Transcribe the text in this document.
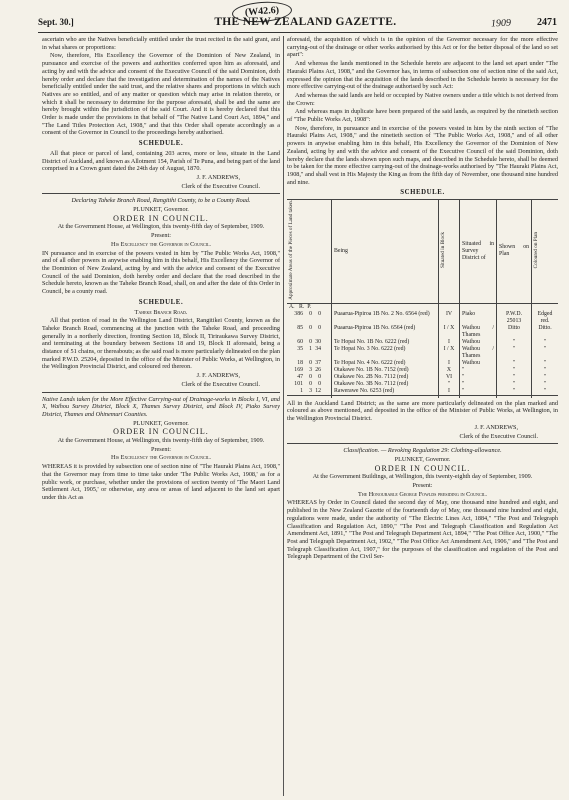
(W42.6)
1909
Sept. 30.]	THE NEW ZEALAND GAZETTE.	2471

ascertain who are the Natives beneficially entitled under the trust recited in the said grant, and in what shares or proportions:

Now, therefore, His Excellency the Governor of the Dominion of New Zealand, in pursuance and exercise of the powers and authorities conferred upon him as aforesaid, and acting by and with the advice and consent of the Executive Council of the said Dominion, doth hereby order and declare that the investigation and determination of the names of the Natives beneficially entitled under the said trust, and the relative shares and proportions in which such Natives are so entitled, and of any matter or question which may arise in relation thereto, or which it shall be necessary to determine for the purpose aforesaid, shall be and the same are hereby brought within the jurisdiction of the said Court. And it is hereby declared that this Order is made under the provisions in that behalf of "The Native Land Court Act, 1894," and "The Land Titles Protection Act, 1908," and that this Order shall operate accordingly as a consent of the Governor in Council to the proceedings hereby authorised.

SCHEDULE.

All that piece or parcel of land, containing 203 acres, more or less, situate in the Land District of Auckland, and known as Allotment 154, Parish of Te Puna, and being part of the land comprised in a Crown grant dated the 24th day of August, 1870.

J. F. ANDREWS,

Clerk of the Executive Council.

Declaring Taheke Branch Road, Rangitihi County, to be a County Road.

PLUNKET, Governor.

ORDER IN COUNCIL.

At the Government House, at Wellington, this twenty-fifth day of September, 1909.

Present:

His Excellency the Governor in Council.

IN pursuance and in exercise of the powers vested in him by "The Public Works Act, 1908," and of all other powers in anywise enabling him in this behalf, His Excellency the Governor of the Dominion of New Zealand, acting by and with the advice and consent of the Executive Council of the said Dominion, doth hereby order and declare that the road described in the Schedule hereto, known as the Taheke Branch Road, shall, on and after the date of this Order in Council, be a county road.

SCHEDULE.

Taheke Branch Road.

All that portion of road in the Wellington Land District, Rangitikei County, known as the Taheke Branch Road, commencing at the junction with the Taheke Road, and proceeding generally in a northerly direction, fronting Section 18, Block II, Tiriraukawa Survey District, and terminating at the boundary between Sections 18 and 19, Block II aforesaid, being a distance of 51 chains, or thereabouts; as the said road is more particularly delineated on the plan marked P.W.D. 25204, deposited in the office of the Minister of Public Works, at Wellington, in the Wellington Provincial District, and coloured red thereon.

J. F. ANDREWS,

Clerk of the Executive Council.

Native Lands taken for the More Effective Carrying-out of Drainage-works in Blocks I, VI, and X, Waihou Survey District, Block X, Thames Survey District, and Block IV, Piako Survey District, Thames and Ohinemuri Counties.

PLUNKET, Governor.

ORDER IN COUNCIL.

At the Government House, at Wellington, this twenty-fifth day of September, 1909.

Present:

His Excellency the Governor in Council.

WHEREAS it is provided by subsection one of section nine of "The Hauraki Plains Act, 1908," that the Governor may from time to time take under 'The Public Works Act, 1908,' as for a public work, or purchase, whether under the provisions of section twenty of 'The Maori Land Settlement Act, 1905,' or otherwise, any area or areas of land adjacent to the land set apart under this Act as

aforesaid, the acquisition of which is in the opinion of the Governor necessary for the more effective carrying-out of the drainage or other works authorised by this Act or for the better disposal of the land so set apart":

And whereas the lands mentioned in the Schedule hereto are adjacent to the land set apart under "The Hauraki Plains Act, 1908," and the Governor has, in terms of subsection one of section nine of the said Act, expressed the opinion that the acquisition of the lands described in the Schedule hereto is necessary for the more effective carrying-out of the drainage authorised by such Act:

And whereas the said lands are held or occupied by Native owners under a title which is not derived from the Crown:

And whereas maps in duplicate have been prepared of the said lands, as required by the ninetieth section of "The Public Works Act, 1908":

Now, therefore, in pursuance and in exercise of the powers vested in him by the ninth section of "The Hauraki Plains Act, 1908," and the ninetieth section of "The Public Works Act, 1908," and of all other powers in anywise enabling him in this behalf, His Excellency the Governor of the Dominion of New Zealand, acting by and with the advice and consent of the Executive Council of the said Dominion, doth hereby declare that the lands shown upon such maps, and described in the Schedule hereto, shall be deemed to be taken for the more effective carrying-out of the drainage-works authorised by "The Hauraki Plains Act, 1908," and shall vest in His Majesty the King as from the fifth day of November, one thousand nine hundred and nine.

SCHEDULE.
Approximate Areas of the Pieces of Land taken.	Being	Situated in Block	Situated in Survey District of	Shown on Plan	Coloured on Plan
A. R. P.					
386 0 0	Puaarua-Pipiroa 1B No. 2 No. 6564 (red)	IV	Piako	P.W.D. 25013	Edged red.
85 0 0	Puaarua-Pipiroa 1B No. 6564 (red)	I / X	Waihou / Thames	Ditto	Ditto.
60 0 30	Te Hopai No. 1B No. 6222 (red)	I	Waihou	"	"
35 1 34	Te Hopai No. 3 No. 6222 (red)	I / X	Waihou / Thames	"	"
18 0 37	Te Hopai No. 4 No. 6222 (red)	I	Waihou	"	"
169 3 26	Otakawe No. 1B No. 7152 (red)	X	"	"	"
47 0 0	Otakawe No. 2B No. 7112 (red)	VI	"	"	"
101 0 0	Otakawe No. 3B No. 7112 (red)	"	"	"	"
1 3 12	Rawerawe No. 6253 (red)	I	"	"	"

All in the Auckland Land District; as the same are more particularly delineated on the plan marked and coloured as above mentioned, and deposited in the office of the Minister of Public Works, at Wellington, in the Wellington Provincial District.

J. F. ANDREWS,

Clerk of the Executive Council.

Classification. — Revoking Regulation 29: Clothing-allowance.

PLUNKET, Governor.

ORDER IN COUNCIL.

At the Government Buildings, at Wellington, this twenty-eighth day of September, 1909.

Present:

The Honourable George Fowlds presiding in Council.

WHEREAS by Order in Council dated the second day of May, one thousand nine hundred and eight, and published in the New Zealand Gazette of the fourteenth day of May, one thousand nine hundred and eight, regulations were made, under the authority of "The Electric Lines Act, 1884," "The Post and Telegraph Classification and Regulation Act, 1890," "The Post and Telegraph Classification and Regulation Act Amendment Act, 1891," "The Post and Telegraph Department Act, 1894," "The Post Office Act, 1900," "The Post and Telegraph Department Act, 1902," "The Post Office Act Amendment Act, 1906," and "The Post and Telegraph Classification Act, 1907," for the purposes of the classification and regulation of the Post and Telegraph Department of the Civil Ser-
